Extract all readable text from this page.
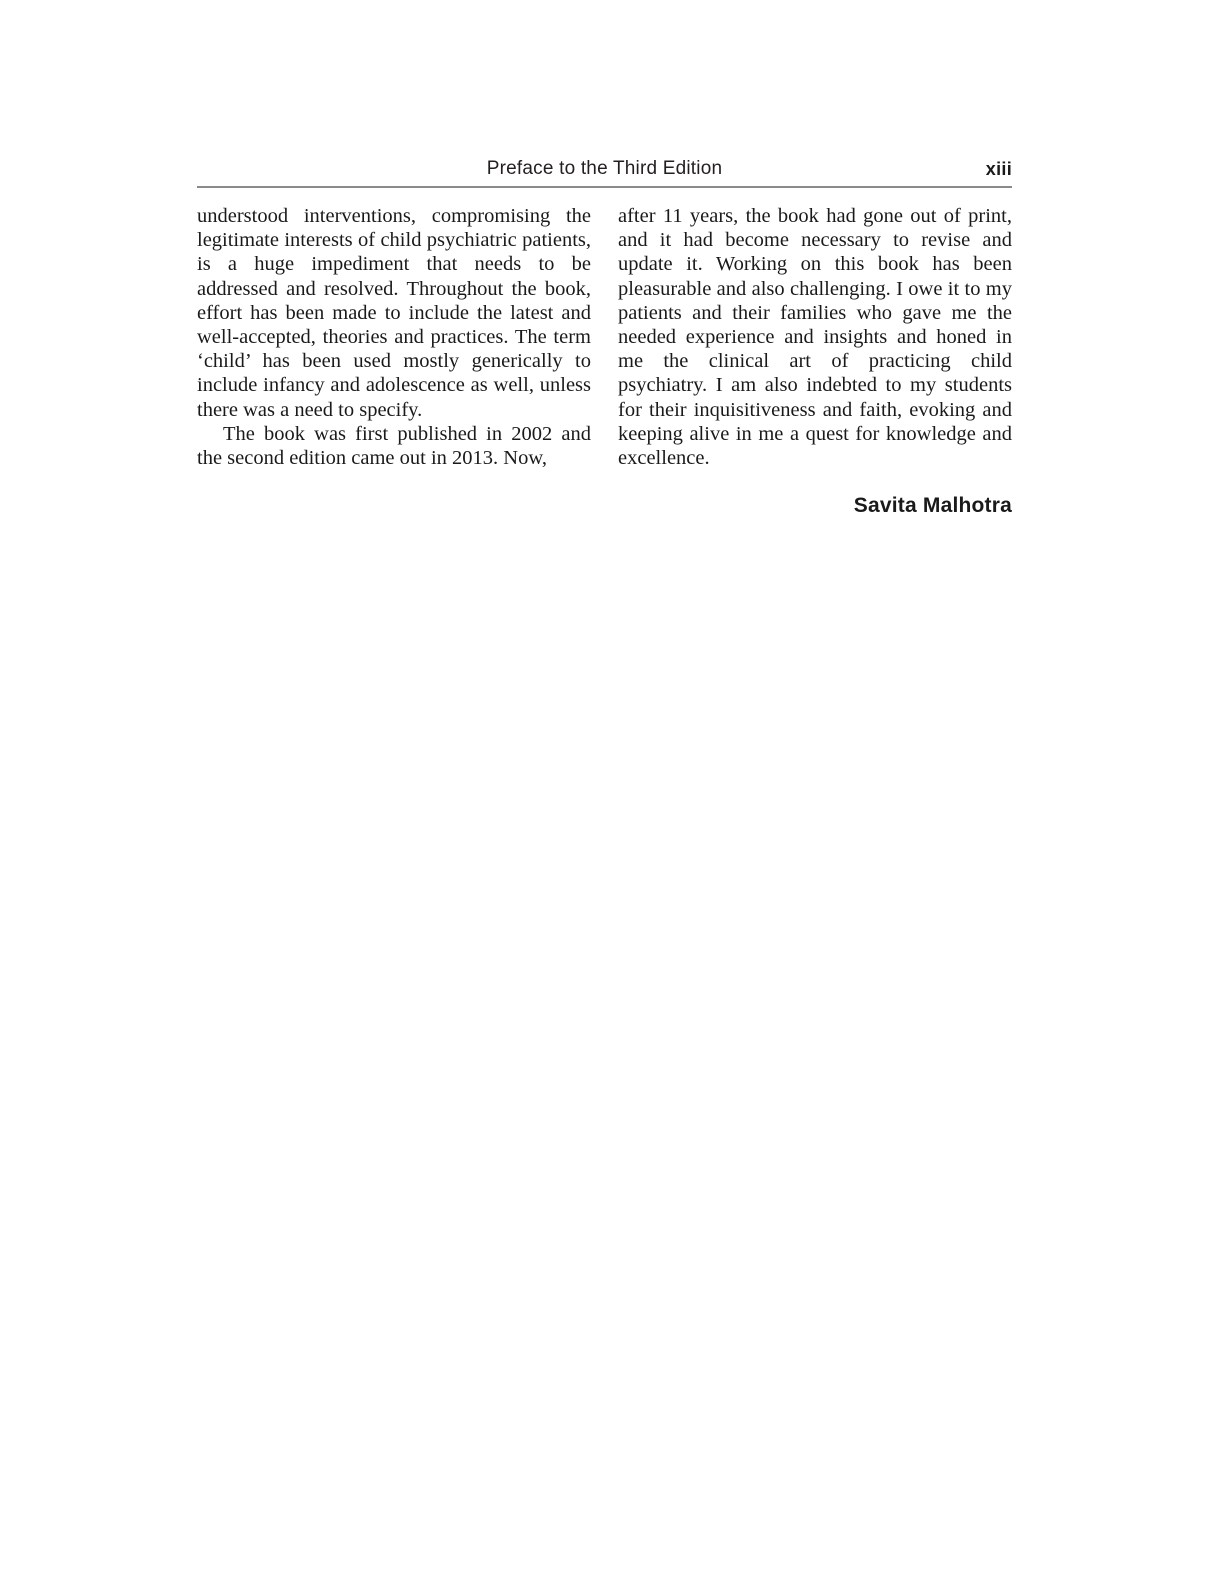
Preface to the Third Edition	xiii

understood interventions, compromising the legitimate interests of child psychiatric patients, is a huge impediment that needs to be addressed and resolved. Throughout the book, effort has been made to include the latest and well-accepted, theories and practices. The term ‘child’ has been used mostly generically to include infancy and adolescence as well, unless there was a need to specify.

The book was first published in 2002 and the second edition came out in 2013. Now,

after 11 years, the book had gone out of print, and it had become necessary to revise and update it. Working on this book has been pleasurable and also challenging. I owe it to my patients and their families who gave me the needed experience and insights and honed in me the clinical art of practicing child psychiatry. I am also indebted to my students for their inquisitiveness and faith, evoking and keeping alive in me a quest for knowledge and excellence.

Savita Malhotra
